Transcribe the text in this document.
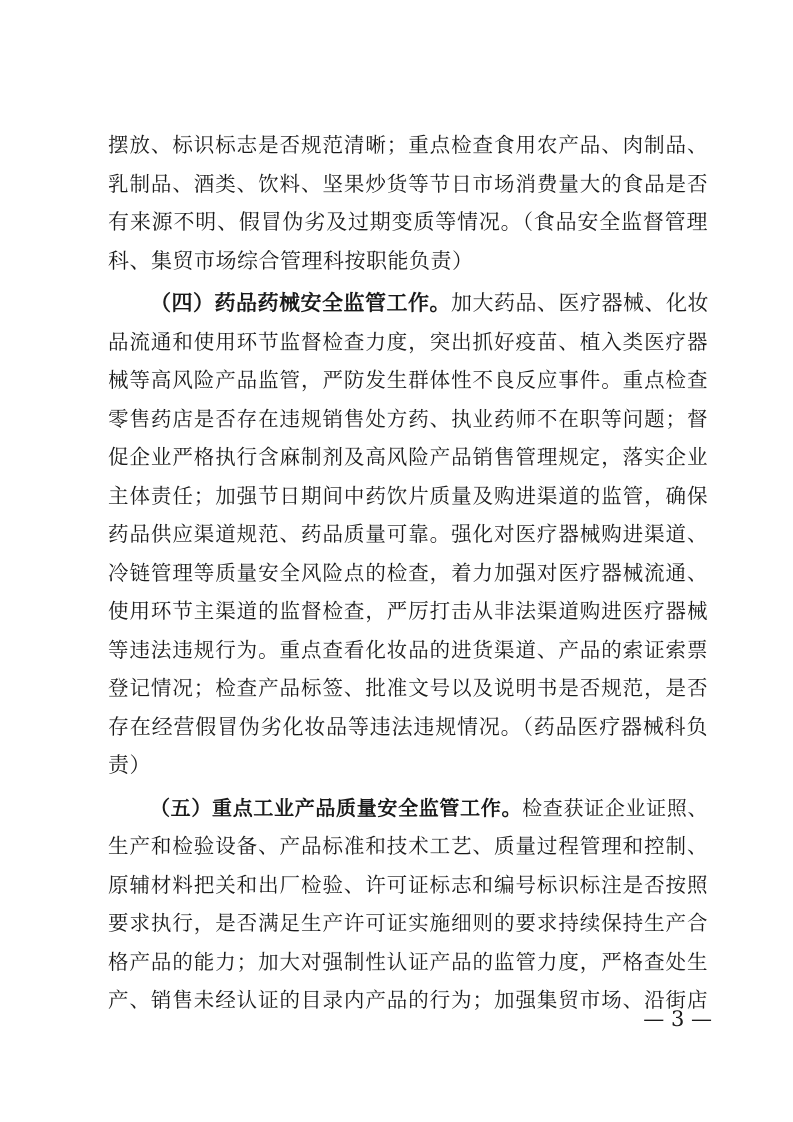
摆放、标识标志是否规范清晰；重点检查食用农产品、肉制品、
乳制品、酒类、饮料、坚果炒货等节日市场消费量大的食品是否
有来源不明、假冒伪劣及过期变质等情况。（食品安全监督管理
科、集贸市场综合管理科按职能负责）
（四）药品药械安全监管工作。加大药品、医疗器械、化妆
品流通和使用环节监督检查力度，突出抓好疫苗、植入类医疗器
械等高风险产品监管，严防发生群体性不良反应事件。重点检查
零售药店是否存在违规销售处方药、执业药师不在职等问题；督
促企业严格执行含麻制剂及高风险产品销售管理规定，落实企业
主体责任；加强节日期间中药饮片质量及购进渠道的监管，确保
药品供应渠道规范、药品质量可靠。强化对医疗器械购进渠道、
冷链管理等质量安全风险点的检查，着力加强对医疗器械流通、
使用环节主渠道的监督检查，严厉打击从非法渠道购进医疗器械
等违法违规行为。重点查看化妆品的进货渠道、产品的索证索票
登记情况；检查产品标签、批准文号以及说明书是否规范，是否
存在经营假冒伪劣化妆品等违法违规情况。（药品医疗器械科负
责）
（五）重点工业产品质量安全监管工作。检查获证企业证照、
生产和检验设备、产品标准和技术工艺、质量过程管理和控制、
原辅材料把关和出厂检验、许可证标志和编号标识标注是否按照
要求执行，是否满足生产许可证实施细则的要求持续保持生产合
格产品的能力；加大对强制性认证产品的监管力度，严格查处生
产、销售未经认证的目录内产品的行为；加强集贸市场、沿街店
— 3 —
